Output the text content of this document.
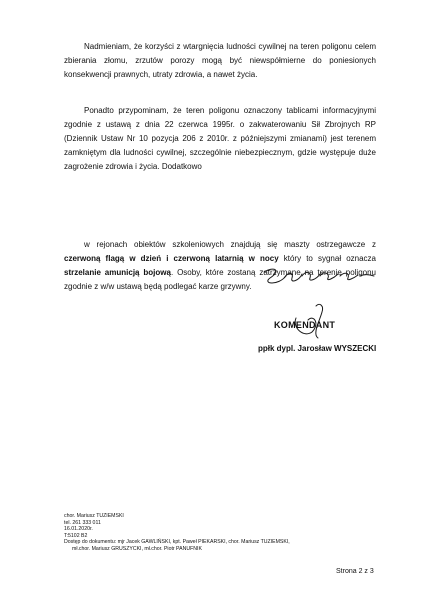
Nadmieniam, że korzyści z wtargnięcia ludności cywilnej na teren poligonu celem zbierania złomu, zrzutów porozy mogą być niewspółmierne do poniesionych konsekwencji prawnych, utraty zdrowia, a nawet życia.

Ponadto przypominam, że teren poligonu oznaczony tablicami informacyjnymi zgodnie z ustawą z dnia 22 czerwca 1995r. o zakwaterowaniu Sił Zbrojnych RP (Dziennik Ustaw Nr 10 pozycja 206 z 2010r. z późniejszymi zmianami) jest terenem zamkniętym dla ludności cywilnej, szczególnie niebezpiecznym, gdzie występuje duże zagrożenie zdrowia i życia. Dodatkowo

w rejonach obiektów szkoleniowych znajdują się maszty ostrzegawcze z czerwoną flagą w dzień i czerwoną latarnią w nocy który to sygnał oznacza strzelanie amunicją bojową. Osoby, które zostaną zatrzymane na terenie poligonu zgodnie z w/w ustawą będą podlegać karze grzywny.

KOMENDANT
ppłk dypl. Jarosław WYSZECKI
chor. Mariusz TUZIEMSKI
tel. 261 333 011
16.01.2020r.
T:5102 B2
Dostęp do dokumentu: mjr Jacek GAWLIŃSKI, kpt. Paweł PIEKARSKI, chor. Mariusz TUZIEMSKI,
mł.chor. Mariusz GRUSZYCKI, mł.chor. Piotr PANUFNIK
Strona 2 z 3
